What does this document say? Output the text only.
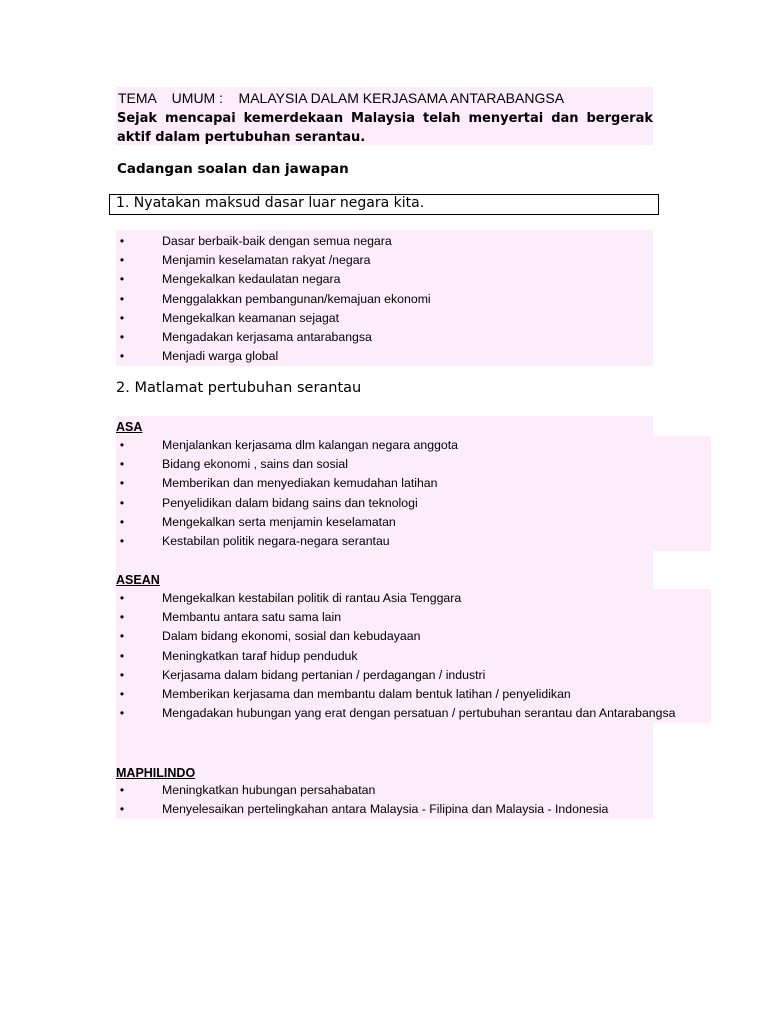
TEMA    UMUM :    MALAYSIA DALAM KERJASAMA ANTARABANGSA
Sejak mencapai kemerdekaan Malaysia telah menyertai dan bergerak aktif dalam pertubuhan serantau.
Cadangan soalan dan jawapan
1. Nyatakan maksud dasar luar negara kita.
•	Dasar berbaik-baik dengan semua negara
•	Menjamin keselamatan rakyat /negara
•	Mengekalkan kedaulatan negara
•	Menggalakkan pembangunan/kemajuan ekonomi
•	Mengekalkan keamanan sejagat
•	Mengadakan kerjasama antarabangsa
•	Menjadi warga global
2. Matlamat pertubuhan serantau
ASA
•	Menjalankan kerjasama dlm kalangan negara anggota
•	Bidang ekonomi , sains dan sosial
•	Memberikan dan menyediakan kemudahan latihan
•	Penyelidikan dalam bidang sains dan teknologi
•	Mengekalkan serta menjamin keselamatan
•	Kestabilan politik negara-negara serantau
ASEAN
•	Mengekalkan kestabilan politik di rantau Asia Tenggara
•	Membantu antara satu sama lain
•	Dalam bidang ekonomi, sosial dan kebudayaan
•	Meningkatkan taraf hidup penduduk
•	Kerjasama dalam bidang pertanian / perdagangan / industri
•	Memberikan kerjasama dan membantu dalam bentuk latihan / penyelidikan
•	Mengadakan hubungan yang erat dengan persatuan / pertubuhan serantau dan Antarabangsa
MAPHILINDO
•	Meningkatkan hubungan persahabatan
•	Menyelesaikan pertelingkahan antara Malaysia - Filipina dan Malaysia - Indonesia
